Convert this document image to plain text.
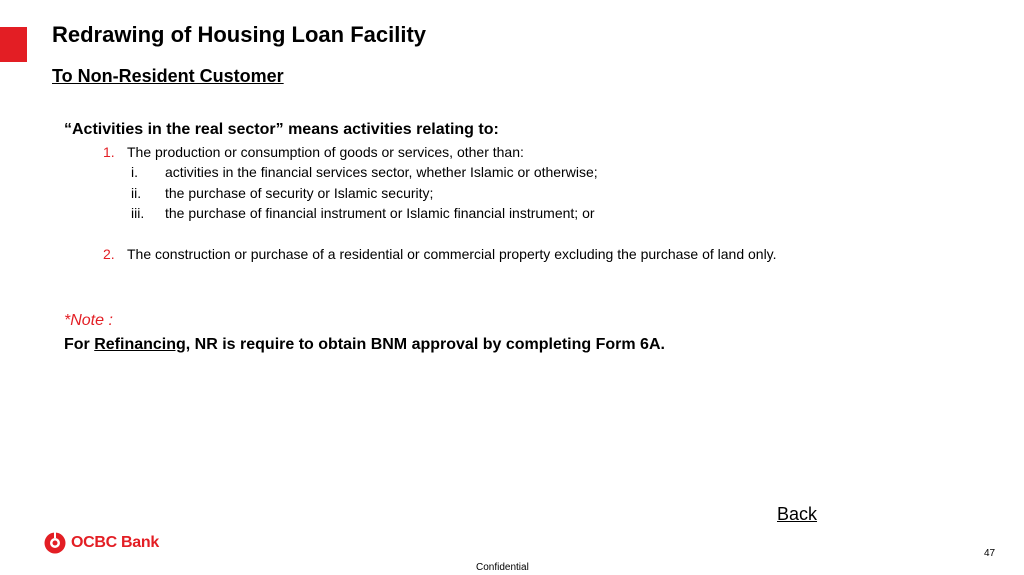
Redrawing of Housing Loan Facility
To Non-Resident Customer
“Activities in the real sector” means activities relating to:
1. The production or consumption of goods or services, other than:
i. activities in the financial services sector, whether Islamic or otherwise;
ii. the purchase of security or Islamic security;
iii. the purchase of financial instrument or Islamic financial instrument; or
2. The construction or purchase of a residential or commercial property excluding the purchase of land only.
*Note :
For Refinancing, NR is require to obtain BNM approval by completing Form 6A.
Back
OCBC Bank
47
Confidential
